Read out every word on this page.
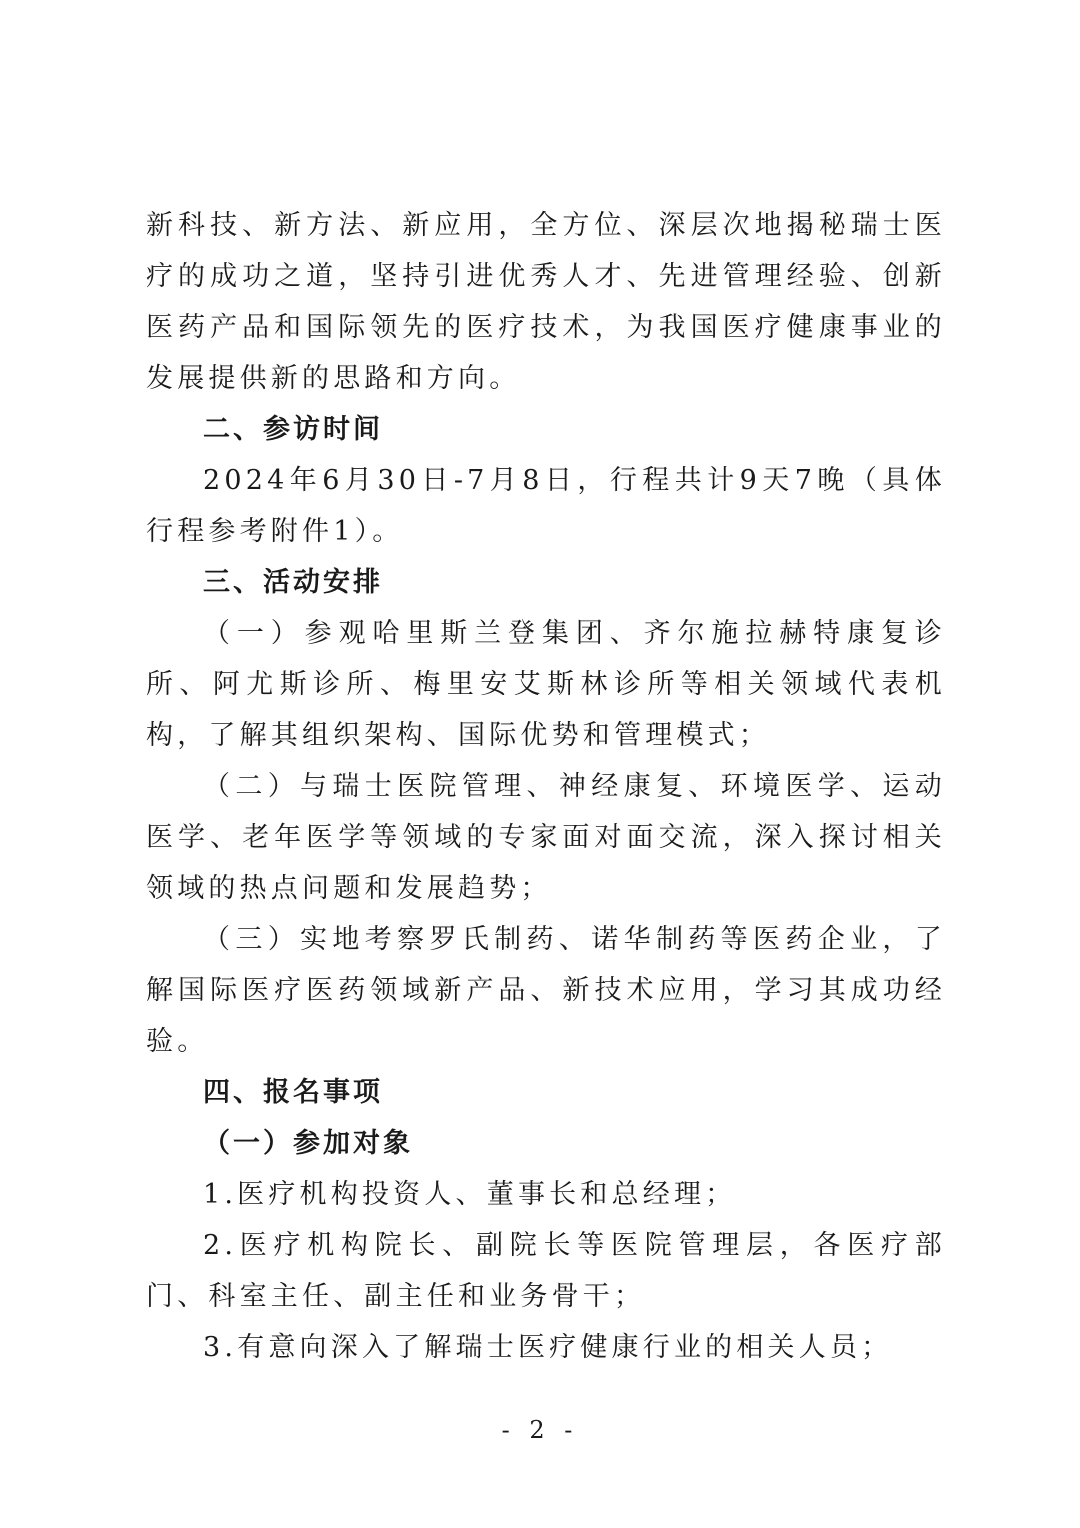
新科技、新方法、新应用，全方位、深层次地揭秘瑞士医疗的成功之道，坚持引进优秀人才、先进管理经验、创新医药产品和国际领先的医疗技术，为我国医疗健康事业的发展提供新的思路和方向。

二、参访时间

2024年6月30日-7月8日，行程共计9天7晚（具体行程参考附件1）。

三、活动安排

（一）参观哈里斯兰登集团、齐尔施拉赫特康复诊所、阿尤斯诊所、梅里安艾斯林诊所等相关领域代表机构，了解其组织架构、国际优势和管理模式；

（二）与瑞士医院管理、神经康复、环境医学、运动医学、老年医学等领域的专家面对面交流，深入探讨相关领域的热点问题和发展趋势；

（三）实地考察罗氏制药、诺华制药等医药企业，了解国际医疗医药领域新产品、新技术应用，学习其成功经验。

四、报名事项

（一）参加对象

1.医疗机构投资人、董事长和总经理；

2.医疗机构院长、副院长等医院管理层，各医疗部门、科室主任、副主任和业务骨干；

3.有意向深入了解瑞士医疗健康行业的相关人员；

- 2 -
